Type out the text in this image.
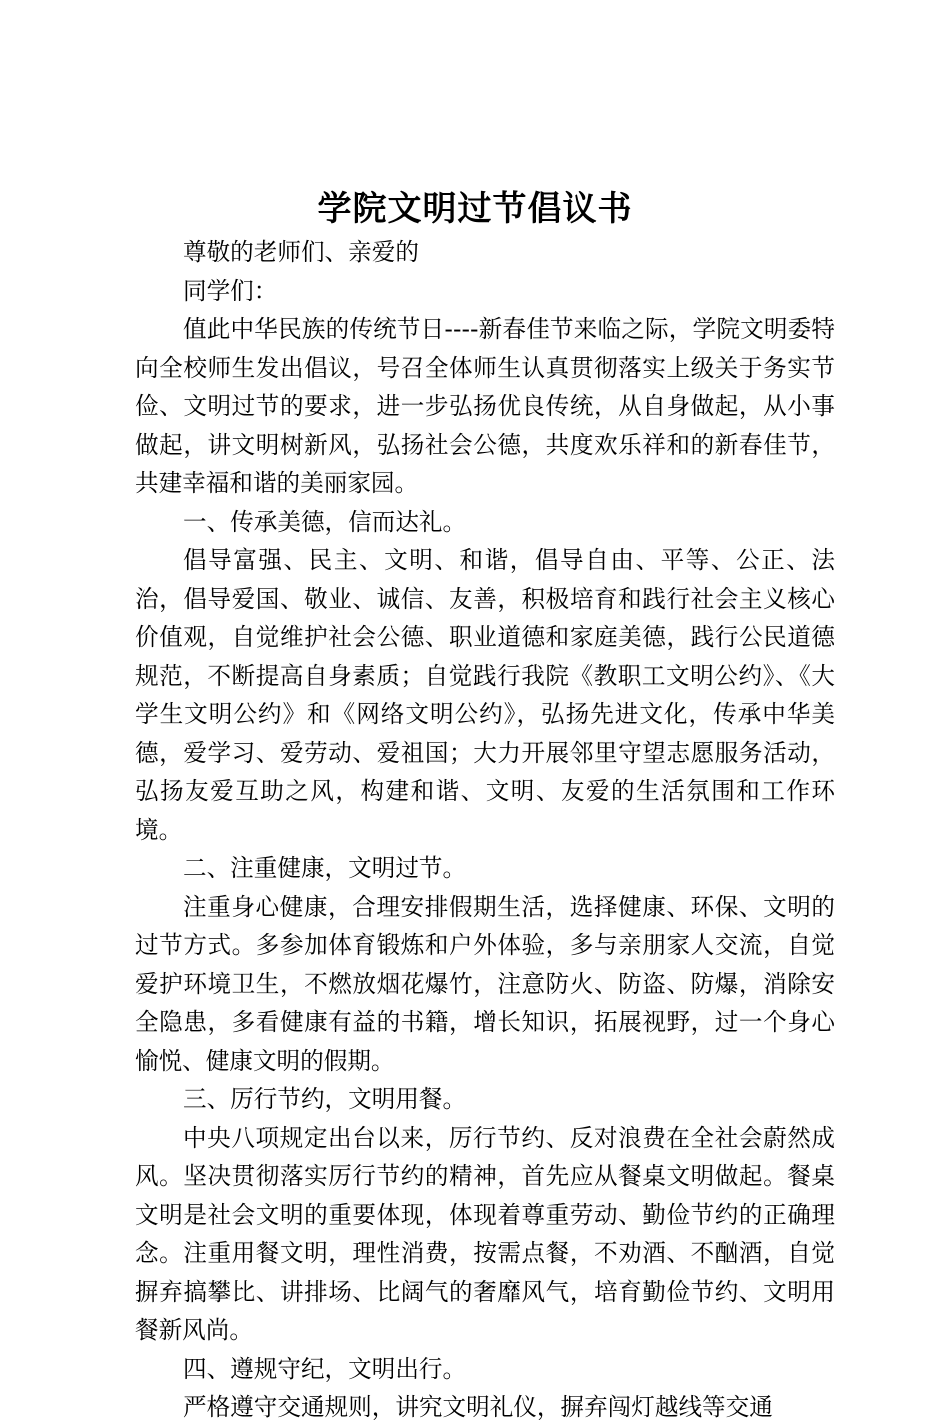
学院文明过节倡议书

尊敬的老师们、亲爱的

同学们：

值此中华民族的传统节日----新春佳节来临之际，学院文明委特向全校师生发出倡议，号召全体师生认真贯彻落实上级关于务实节俭、文明过节的要求，进一步弘扬优良传统，从自身做起，从小事做起，讲文明树新风，弘扬社会公德，共度欢乐祥和的新春佳节，共建幸福和谐的美丽家园。

一、传承美德，信而达礼。

倡导富强、民主、文明、和谐，倡导自由、平等、公正、法治，倡导爱国、敬业、诚信、友善，积极培育和践行社会主义核心价值观，自觉维护社会公德、职业道德和家庭美德，践行公民道德规范，不断提高自身素质；自觉践行我院《教职工文明公约》、《大学生文明公约》和《网络文明公约》，弘扬先进文化，传承中华美德，爱学习、爱劳动、爱祖国；大力开展邻里守望志愿服务活动，弘扬友爱互助之风，构建和谐、文明、友爱的生活氛围和工作环境。

二、注重健康，文明过节。

注重身心健康，合理安排假期生活，选择健康、环保、文明的过节方式。多参加体育锻炼和户外体验，多与亲朋家人交流，自觉爱护环境卫生，不燃放烟花爆竹，注意防火、防盗、防爆，消除安全隐患，多看健康有益的书籍，增长知识，拓展视野，过一个身心愉悦、健康文明的假期。

三、厉行节约，文明用餐。

中央八项规定出台以来，厉行节约、反对浪费在全社会蔚然成风。坚决贯彻落实厉行节约的精神，首先应从餐桌文明做起。餐桌文明是社会文明的重要体现，体现着尊重劳动、勤俭节约的正确理念。注重用餐文明，理性消费，按需点餐，不劝酒、不酗酒，自觉摒弃搞攀比、讲排场、比阔气的奢靡风气，培育勤俭节约、文明用餐新风尚。

四、遵规守纪，文明出行。

严格遵守交通规则，讲究文明礼仪，摒弃闯灯越线等交通
